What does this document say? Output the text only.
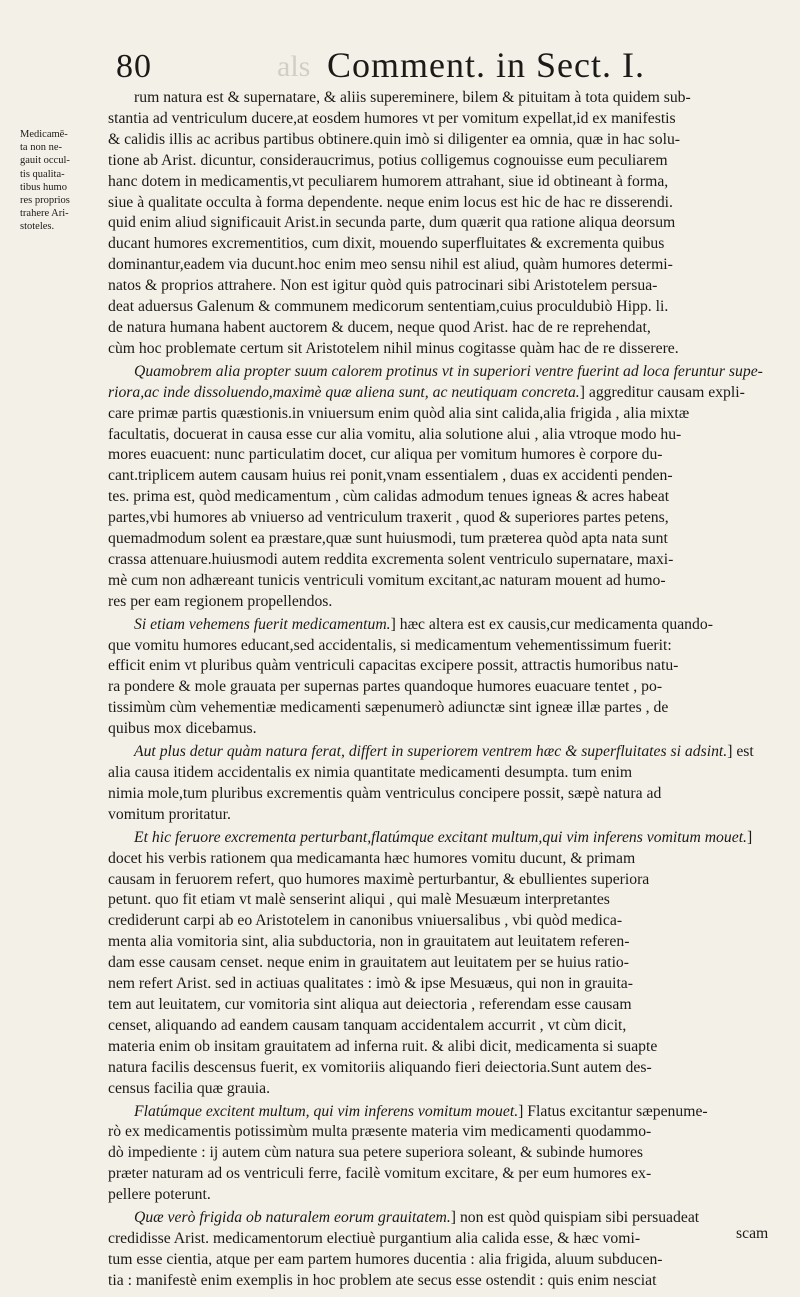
80	als Comment. in Sect. I.
Medicamē-
ta non ne-
gauit occul-
tis qualita-
tibus humo
res proprios
trahere Ari-
stoteles.

rum natura est & supernatare, & aliis supereminere, bilem & pituitam à tota quidem sub-
stantia ad ventriculum ducere,at eosdem humores vt per vomitum expellat,id ex manifestis
& calidis illis ac acribus partibus obtinere.quin imò si diligenter ea omnia, quæ in hac solu-
tione ab Arist. dicuntur, consideraucrimus, potius colligemus cognouisse eum peculiarem
hanc dotem in medicamentis,vt peculiarem humorem attrahant, siue id obtineant à forma,
siue à qualitate occulta à forma dependente. neque enim locus est hic de hac re disserendi.
quid enim aliud significauit Arist.in secunda parte, dum quærit qua ratione aliqua deorsum
ducant humores excrementitios, cum dixit, mouendo superfluitates & excrementa quibus
dominantur,eadem via ducunt.hoc enim meo sensu nihil est aliud, quàm humores determi-
natos & proprios attrahere. Non est igitur quòd quis patrocinari sibi Aristotelem persua-
deat aduersus Galenum & communem medicorum sententiam,cuius proculdubiò Hipp. li.
de natura humana habent auctorem & ducem, neque quod Arist. hac de re reprehendat,
cùm hoc problemate certum sit Aristotelem nihil minus cogitasse quàm hac de re disserere.

Quamobrem alia propter suum calorem protinus vt in superiori ventre fuerint ad loca feruntur supe-
riora,ac inde dissoluendo,maximè quæ aliena sunt, ac neutiquam concreta.] aggreditur causam expli-
care primæ partis quæstionis.in vniuersum enim quòd alia sint calida,alia frigida , alia mixtæ
facultatis, docuerat in causa esse cur alia vomitu, alia solutione alui , alia vtroque modo hu-
mores euacuent: nunc particulatim docet, cur aliqua per vomitum humores è corpore du-
cant.triplicem autem causam huius rei ponit,vnam essentialem , duas ex accidenti penden-
tes. prima est, quòd medicamentum , cùm calidas admodum tenues igneas & acres habeat
partes,vbi humores ab vniuerso ad ventriculum traxerit , quod & superiores partes petens,
quemadmodum solent ea præstare,quæ sunt huiusmodi, tum præterea quòd apta nata sunt
crassa attenuare.huiusmodi autem reddita excrementa solent ventriculo supernatare, maxi-
mè cum non adhæreant tunicis ventriculi vomitum excitant,ac naturam mouent ad humo-
res per eam regionem propellendos.

Si etiam vehemens fuerit medicamentum.] hæc altera est ex causis,cur medicamenta quando-
que vomitu humores educant,sed accidentalis, si medicamentum vehementissimum fuerit:
efficit enim vt pluribus quàm ventriculi capacitas excipere possit, attractis humoribus natu-
ra pondere & mole grauata per supernas partes quandoque humores euacuare tentet , po-
tissimùm cùm vehementiæ medicamenti sæpenumerò adiunctæ sint igneæ illæ partes , de
quibus mox dicebamus.

Aut plus detur quàm natura ferat, differt in superiorem ventrem hæc & superfluitates si adsint.] est
alia causa itidem accidentalis ex nimia quantitate medicamenti desumpta. tum enim
nimia mole,tum pluribus excrementis quàm ventriculus concipere possit, sæpè natura ad
vomitum proritatur.

Et hic feruore excrementa perturbant,flatúmque excitant multum,qui vim inferens vomitum mouet.]
docet his verbis rationem qua medicamanta hæc humores vomitu ducunt, & primam
causam in feruorem refert, quo humores maximè perturbantur, & ebullientes superiora
petunt. quo fit etiam vt malè senserint aliqui , qui malè Mesuæum interpretantes
crediderunt carpi ab eo Aristotelem in canonibus vniuersalibus , vbi quòd medica-
menta alia vomitoria sint, alia subductoria, non in grauitatem aut leuitatem referen-
dam esse causam censet. neque enim in grauitatem aut leuitatem per se huius ratio-
nem refert Arist. sed in actiuas qualitates : imò & ipse Mesuæus, qui non in grauita-
tem aut leuitatem, cur vomitoria sint aliqua aut deiectoria , referendam esse causam
censet, aliquando ad eandem causam tanquam accidentalem accurrit , vt cùm dicit,
materia enim ob insitam grauitatem ad inferna ruit. & alibi dicit, medicamenta si suapte
natura facilis descensus fuerit, ex vomitoriis aliquando fieri deiectoria.Sunt autem des-
census facilia quæ grauia.

Flatúmque excitent multum, qui vim inferens vomitum mouet.] Flatus excitantur sæpenume-
rò ex medicamentis potissimùm multa præsente materia vim medicamenti quodammo-
dò impediente : ij autem cùm natura sua petere superiora soleant, & subinde humores
præter naturam ad os ventriculi ferre, facilè vomitum excitare, & per eum humores ex-
pellere poterunt.

Quæ verò frigida ob naturalem eorum grauitatem.] non est quòd quispiam sibi persuadeat
credidisse Arist. medicamentorum electiuè purgantium alia calida esse, & hæc vomi-
tum esse cientia, atque per eam partem humores ducentia : alia frigida, aluum subducen-
tia : manifestè enim exemplis in hoc problem ate secus esse ostendit : quis enim nesciat

scam
